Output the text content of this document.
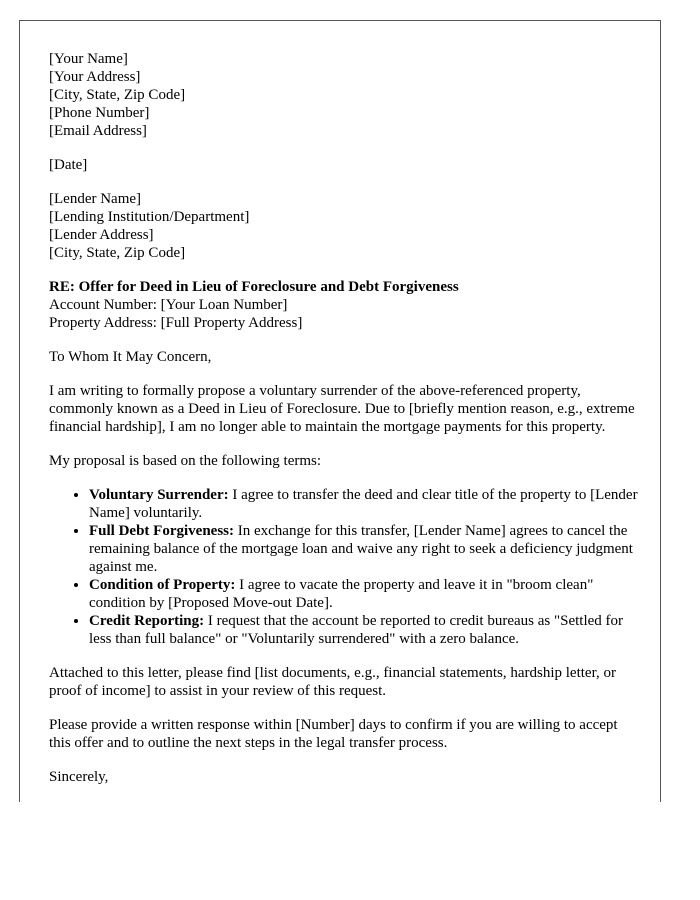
[Your Name]
[Your Address]
[City, State, Zip Code]
[Phone Number]
[Email Address]
[Date]
[Lender Name]
[Lending Institution/Department]
[Lender Address]
[City, State, Zip Code]
RE: Offer for Deed in Lieu of Foreclosure and Debt Forgiveness
Account Number: [Your Loan Number]
Property Address: [Full Property Address]

To Whom It May Concern,

I am writing to formally propose a voluntary surrender of the above-referenced property, commonly known as a Deed in Lieu of Foreclosure. Due to [briefly mention reason, e.g., extreme financial hardship], I am no longer able to maintain the mortgage payments for this property.

My proposal is based on the following terms:

• Voluntary Surrender: I agree to transfer the deed and clear title of the property to [Lender Name] voluntarily.
• Full Debt Forgiveness: In exchange for this transfer, [Lender Name] agrees to cancel the remaining balance of the mortgage loan and waive any right to seek a deficiency judgment against me.
• Condition of Property: I agree to vacate the property and leave it in "broom clean" condition by [Proposed Move-out Date].
• Credit Reporting: I request that the account be reported to credit bureaus as "Settled for less than full balance" or "Voluntarily surrendered" with a zero balance.

Attached to this letter, please find [list documents, e.g., financial statements, hardship letter, or proof of income] to assist in your review of this request.

Please provide a written response within [Number] days to confirm if you are willing to accept this offer and to outline the next steps in the legal transfer process.

Sincerely,
